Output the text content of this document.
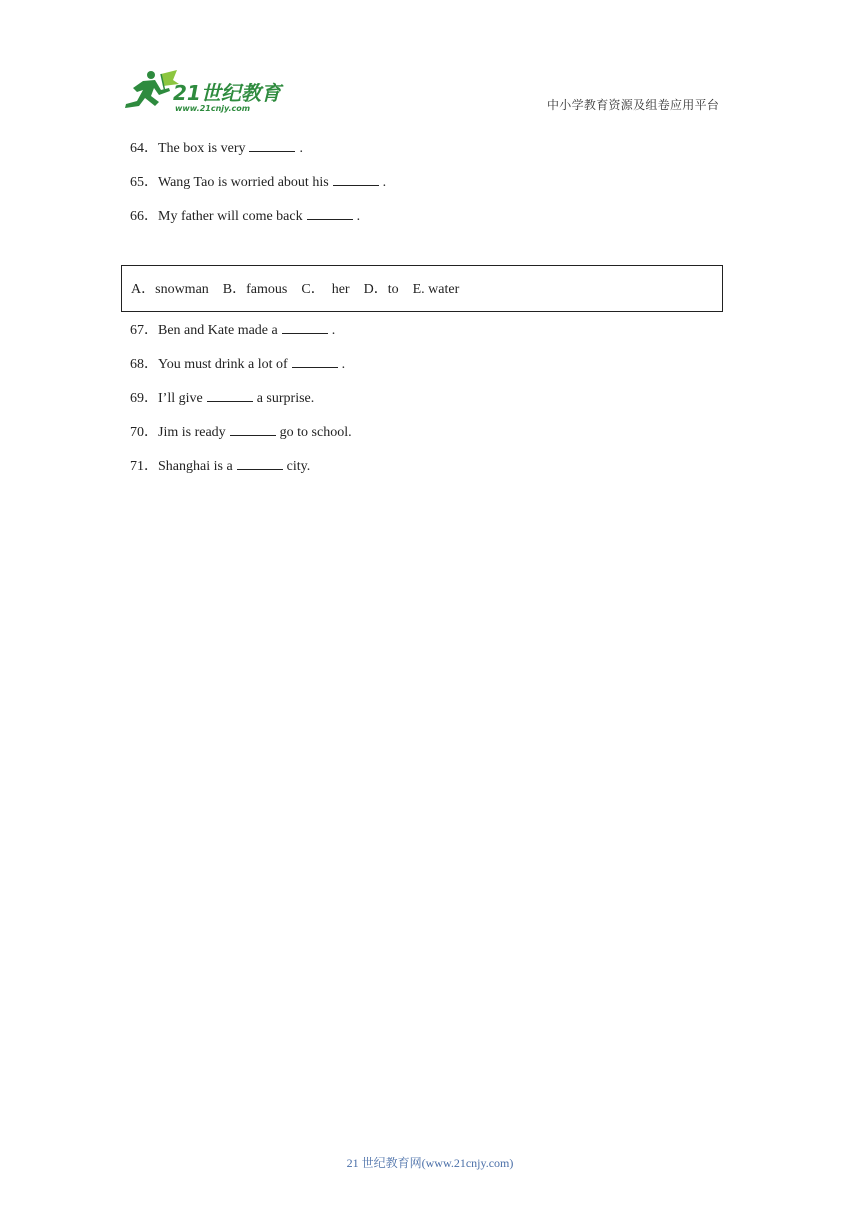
21世纪教育
www.21cnjy.com	中小学教育资源及组卷应用平台
64．The box is very	.
65．Wang Tao is worried about his	.
66．My father will come back	.
A．snowman B．famous C． her D．to E. water
67．Ben and Kate made a	.
68．You must drink a lot of	.
69．I’ll give	a surprise.
70．Jim is ready	go to school.
71．Shanghai is a	city.
21 世纪教育网(www.21cnjy.com)
